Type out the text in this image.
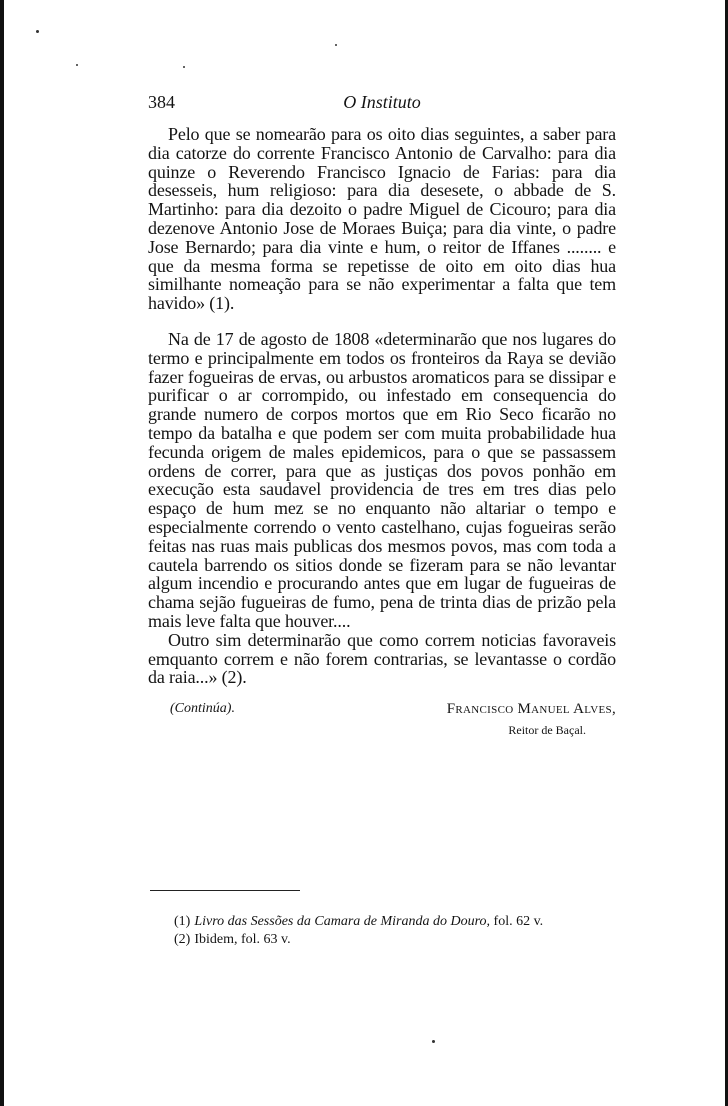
384	O Instituto

Pelo que se nomearão para os oito dias seguintes, a saber para dia catorze do corrente Francisco Antonio de Carvalho: para dia quinze o Reverendo Francisco Ignacio de Farias: para dia desesseis, hum religioso: para dia desesete, o abbade de S. Martinho: para dia dezoito o padre Miguel de Cicouro; para dia dezenove Antonio Jose de Moraes Buiça; para dia vinte, o padre Jose Bernardo; para dia vinte e hum, o reitor de Iffanes ........ e que da mesma forma se repetisse de oito em oito dias hua similhante nomeação para se não experimentar a falta que tem havido» (1).

Na de 17 de agosto de 1808 «determinarão que nos lugares do termo e principalmente em todos os fronteiros da Raya se devião fazer fogueiras de ervas, ou arbustos aromaticos para se dissipar e purificar o ar corrompido, ou infestado em consequencia do grande numero de corpos mortos que em Rio Seco ficarão no tempo da batalha e que podem ser com muita probabilidade hua fecunda origem de males epidemicos, para o que se passassem ordens de correr, para que as justiças dos povos ponhão em execução esta saudavel providencia de tres em tres dias pelo espaço de hum mez se no enquanto não altariar o tempo e especialmente correndo o vento castelhano, cujas fogueiras serão feitas nas ruas mais publicas dos mesmos povos, mas com toda a cautela barrendo os sitios donde se fizeram para se não levantar algum incendio e procurando antes que em lugar de fugueiras de chama sejão fugueiras de fumo, pena de trinta dias de prizão pela mais leve falta que houver....

Outro sim determinarão que como correm noticias favoraveis emquanto correm e não forem contrarias, se levantasse o cordão da raia...» (2).

(Continúa).	Francisco Manuel Alves,
Reitor de Baçal.
(1) Livro das Sessões da Camara de Miranda do Douro, fol. 62 v.
(2) Ibidem, fol. 63 v.
